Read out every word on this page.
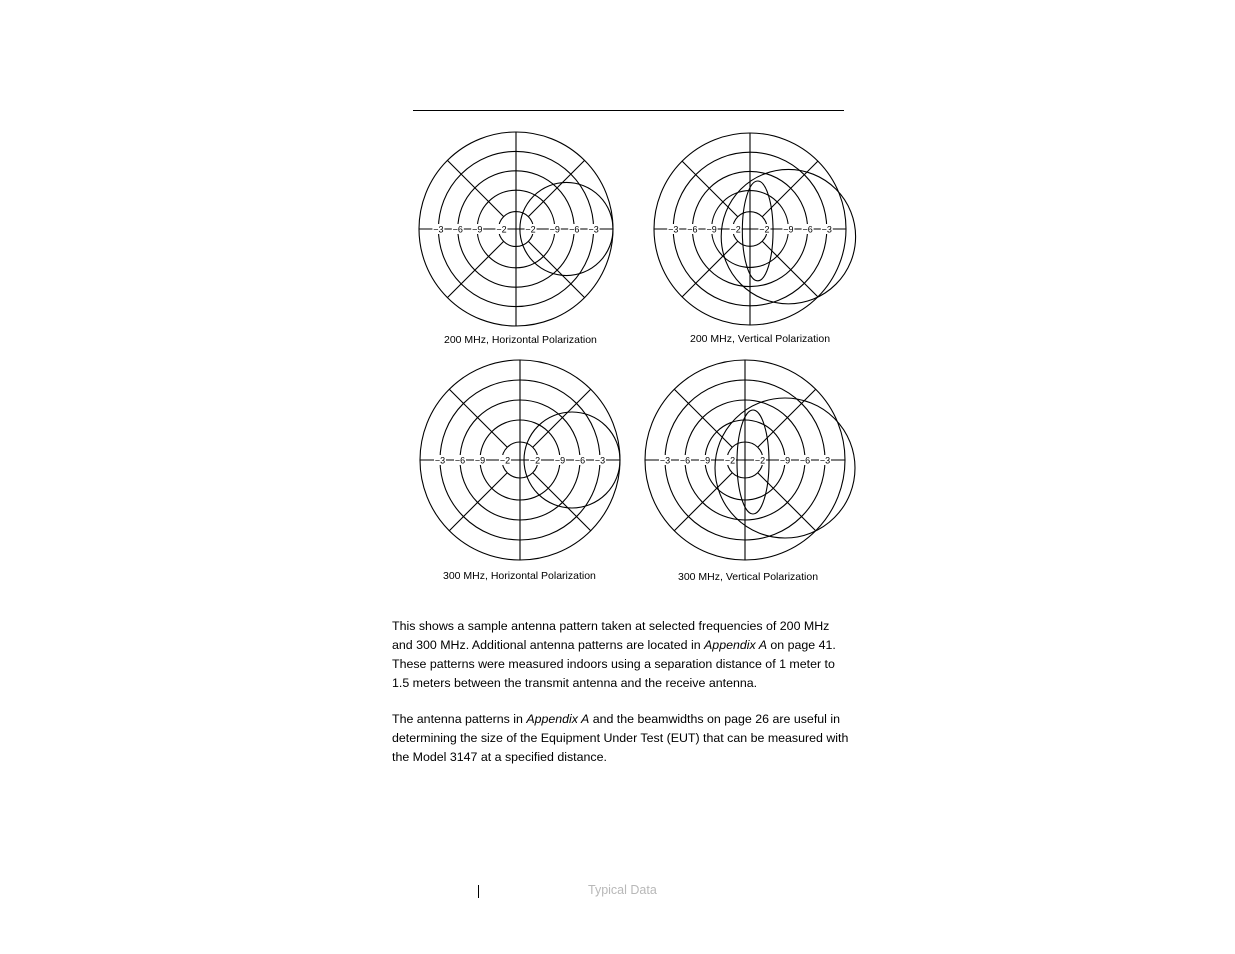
−3 −6 −9 −2 −2 −9 −6 −3
200 MHz, Horizontal Polarization
−3 −6 −9 −2 −2 −9 −6 −3
200 MHz, Vertical Polarization
−3 −6 −9 −2 −2 −9 −6 −3
300 MHz, Horizontal Polarization
−3 −6 −9 −2 −2 −9 −6 −3
300 MHz, Vertical Polarization

This shows a sample antenna pattern taken at selected frequencies of 200 MHz and 300 MHz. Additional antenna patterns are located in Appendix A on page 41. These patterns were measured indoors using a separation distance of 1 meter to 1.5 meters between the transmit antenna and the receive antenna.

The antenna patterns in Appendix A and the beamwidths on page 26 are useful in determining the size of the Equipment Under Test (EUT) that can be measured with the Model 3147 at a specified distance.

Typical Data
